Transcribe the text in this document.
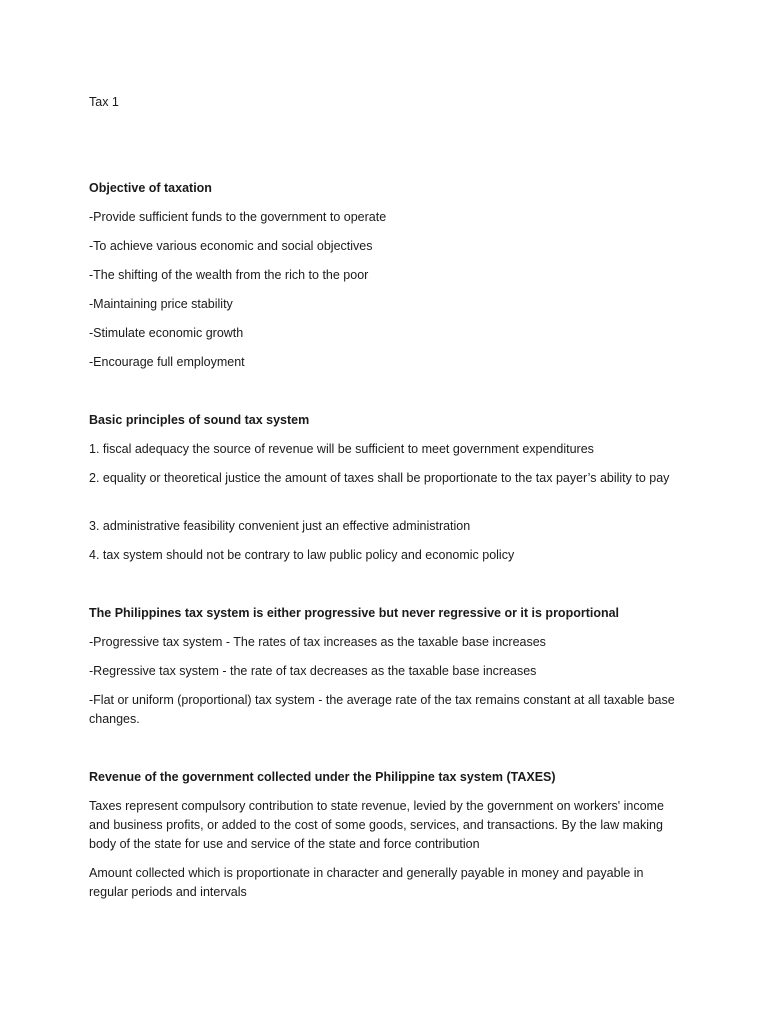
Tax 1
Objective of taxation
-Provide sufficient funds to the government to operate
-To achieve various economic and social objectives
-The shifting of the wealth from the rich to the poor
-Maintaining price stability
-Stimulate economic growth
-Encourage full employment
Basic principles of sound tax system
1. fiscal adequacy the source of revenue will be sufficient to meet government expenditures
2. equality or theoretical justice the amount of taxes shall be proportionate to the tax payer’s ability to pay
3. administrative feasibility convenient just an effective administration
4. tax system should not be contrary to law public policy and economic policy
The Philippines tax system is either progressive but never regressive or it is proportional
-Progressive tax system - The rates of tax increases as the taxable base increases
-Regressive tax system - the rate of tax decreases as the taxable base increases
-Flat or uniform (proportional) tax system - the average rate of the tax remains constant at all taxable base changes.
Revenue of the government collected under the Philippine tax system (TAXES)
Taxes represent compulsory contribution to state revenue, levied by the government on workers' income and business profits, or added to the cost of some goods, services, and transactions. By the law making body of the state for use and service of the state and force contribution
Amount collected which is proportionate in character and generally payable in money and payable in regular periods and intervals
